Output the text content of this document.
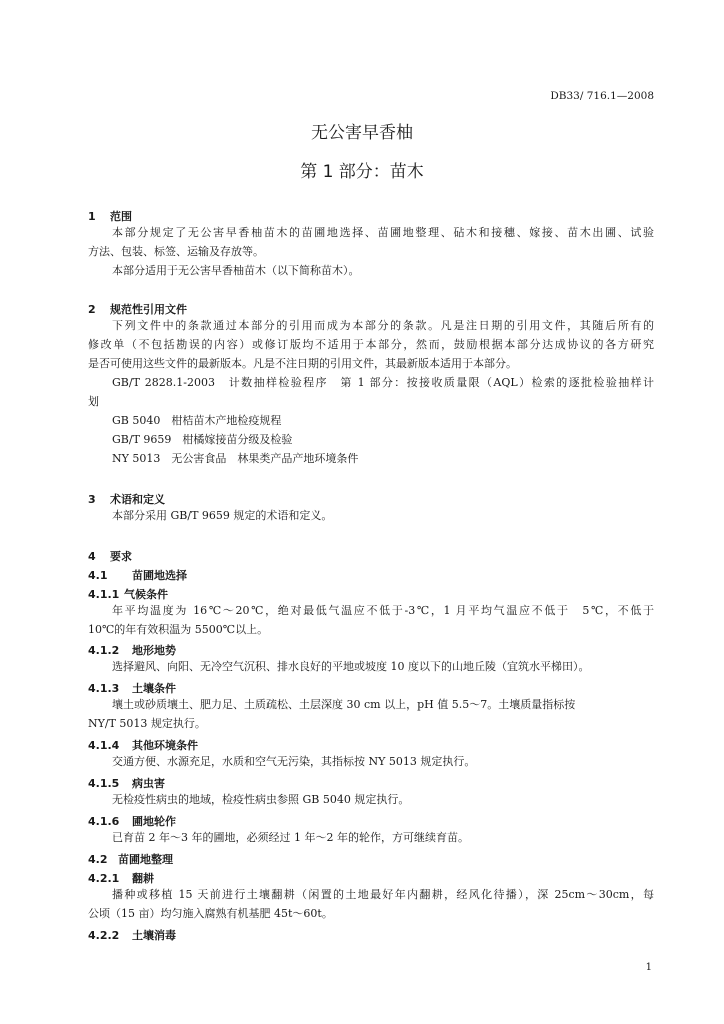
DB33/ 716.1—2008
无公害早香柚
第 1 部分：苗木
1 范围
本部分规定了无公害早香柚苗木的苗圃地选择、苗圃地整理、砧木和接穗、嫁接、苗木出圃、试验
方法、包装、标签、运输及存放等。
本部分适用于无公害早香柚苗木（以下简称苗木）。
2 规范性引用文件
下列文件中的条款通过本部分的引用而成为本部分的条款。凡是注日期的引用文件，其随后所有的
修改单（不包括勘误的内容）或修订版均不适用于本部分，然而，鼓励根据本部分达成协议的各方研究
是否可使用这些文件的最新版本。凡是不注日期的引用文件，其最新版本适用于本部分。
GB/T 2828.1-2003　计数抽样检验程序　第 1 部分：按接收质量限（AQL）检索的逐批检验抽样计
划
GB 5040　柑桔苗木产地检疫规程
GB/T 9659　柑橘嫁接苗分级及检验
NY 5013　无公害食品　林果类产品产地环境条件
3 术语和定义
本部分采用 GB/T 9659 规定的术语和定义。
4 要求
4.1 苗圃地选择
4.1.1 气候条件
年平均温度为 16℃～20℃，绝对最低气温应不低于-3℃，1 月平均气温应不低于　5℃，不低于
10℃的年有效积温为 5500℃以上。
4.1.2 地形地势
选择避风、向阳、无冷空气沉积、排水良好的平地或坡度 10 度以下的山地丘陵（宜筑水平梯田）。
4.1.3 土壤条件
壤土或砂质壤土、肥力足、土质疏松、土层深度 30 cm 以上，pH 值 5.5～7。土壤质量指标按
NY/T 5013 规定执行。
4.1.4 其他环境条件
交通方便、水源充足，水质和空气无污染，其指标按 NY 5013 规定执行。
4.1.5 病虫害
无检疫性病虫的地域，检疫性病虫参照 GB 5040 规定执行。
4.1.6 圃地轮作
已育苗 2 年～3 年的圃地，必须经过 1 年～2 年的轮作，方可继续育苗。
4.2 苗圃地整理
4.2.1 翻耕
播种或移植 15 天前进行土壤翻耕（闲置的土地最好年内翻耕，经风化待播），深 25cm～30cm，每
公顷（15 亩）均匀施入腐熟有机基肥 45t～60t。
4.2.2 土壤消毒
1
